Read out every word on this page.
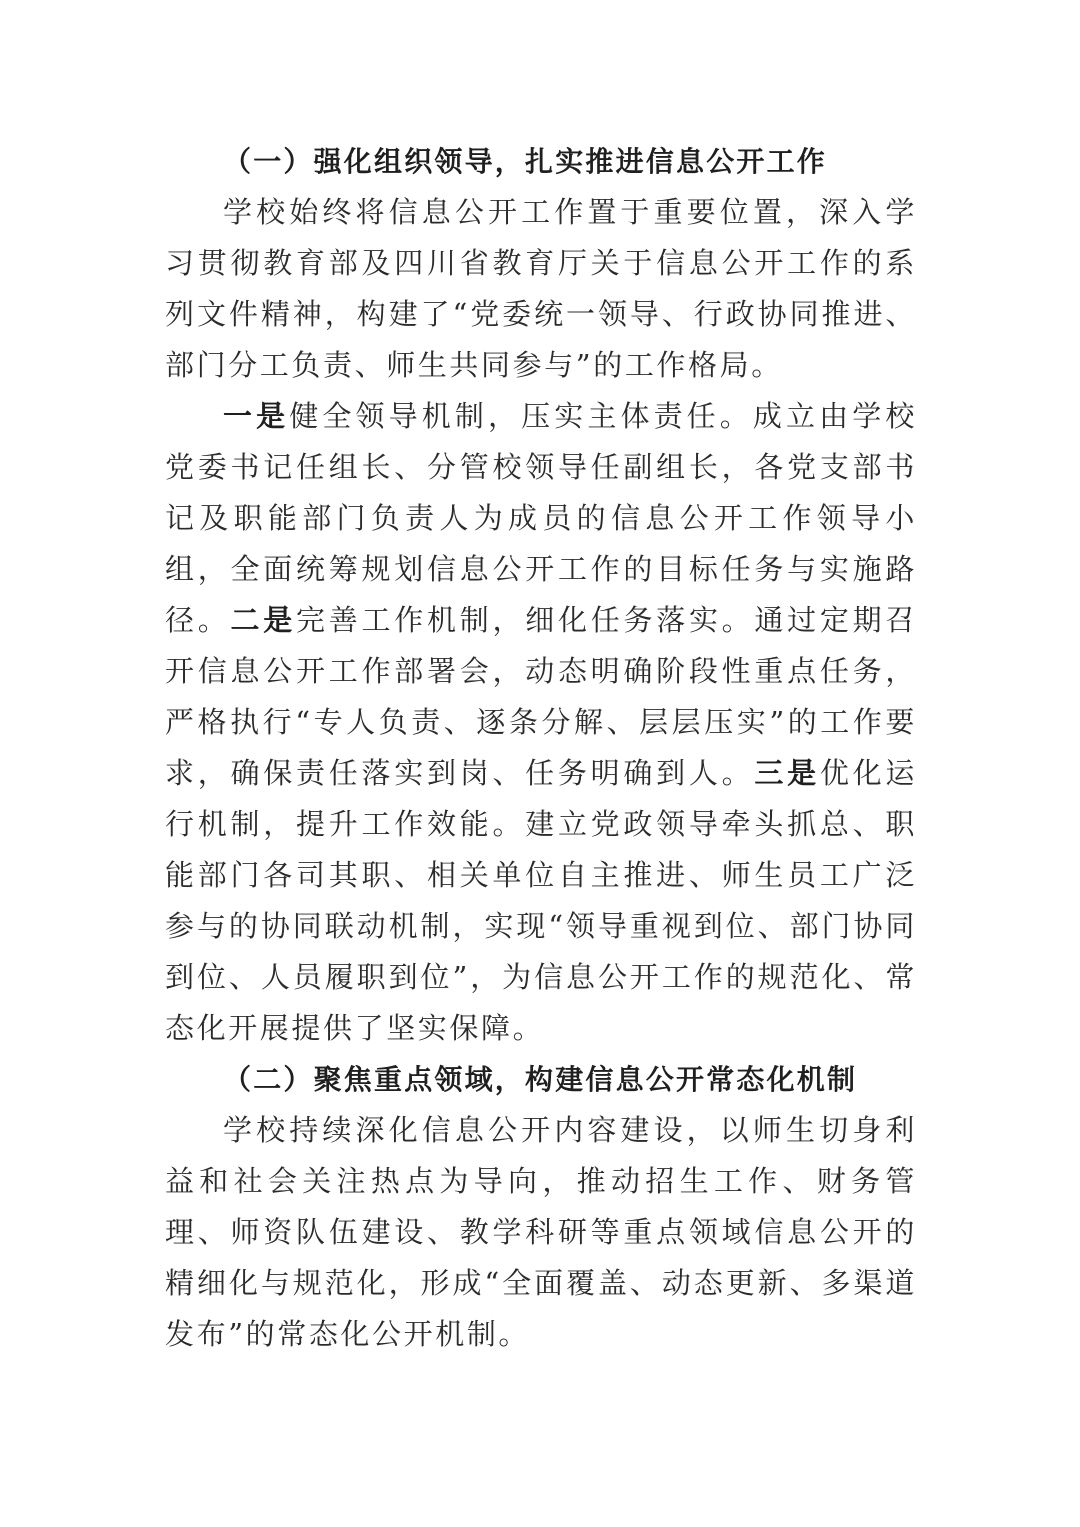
（一）强化组织领导，扎实推进信息公开工作

学校始终将信息公开工作置于重要位置，深入学习贯彻教育部及四川省教育厅关于信息公开工作的系列文件精神，构建了“党委统一领导、行政协同推进、部门分工负责、师生共同参与”的工作格局。

一是健全领导机制，压实主体责任。成立由学校党委书记任组长、分管校领导任副组长，各党支部书记及职能部门负责人为成员的信息公开工作领导小组，全面统筹规划信息公开工作的目标任务与实施路径。二是完善工作机制，细化任务落实。通过定期召开信息公开工作部署会，动态明确阶段性重点任务，严格执行“专人负责、逐条分解、层层压实”的工作要求，确保责任落实到岗、任务明确到人。三是优化运行机制，提升工作效能。建立党政领导牵头抓总、职能部门各司其职、相关单位自主推进、师生员工广泛参与的协同联动机制，实现“领导重视到位、部门协同到位、人员履职到位”，为信息公开工作的规范化、常态化开展提供了坚实保障。

（二）聚焦重点领域，构建信息公开常态化机制

学校持续深化信息公开内容建设，以师生切身利益和社会关注热点为导向，推动招生工作、财务管理、师资队伍建设、教学科研等重点领域信息公开的精细化与规范化，形成“全面覆盖、动态更新、多渠道发布”的常态化公开机制。
